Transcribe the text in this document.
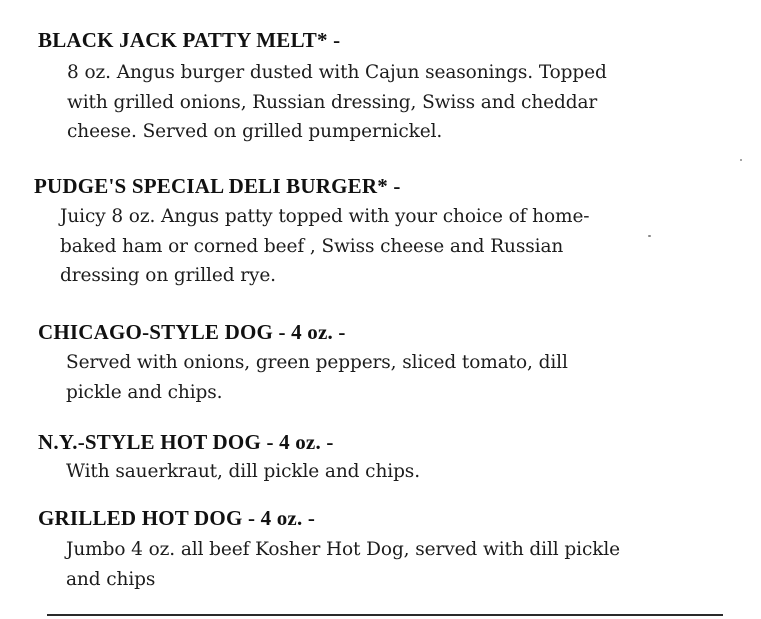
BLACK JACK PATTY MELT* -
8 oz. Angus burger dusted with Cajun seasonings. Topped
with grilled onions, Russian dressing, Swiss and cheddar
cheese. Served on grilled pumpernickel.
PUDGE'S SPECIAL DELI BURGER* -
Juicy 8 oz. Angus patty topped with your choice of home-
baked ham or corned beef , Swiss cheese and Russian
dressing on grilled rye.
CHICAGO-STYLE DOG - 4 oz. -
Served with onions, green peppers, sliced tomato, dill
pickle and chips.
N.Y.-STYLE HOT DOG - 4 oz. -
With sauerkraut, dill pickle and chips.
GRILLED HOT DOG - 4 oz. -
Jumbo 4 oz. all beef Kosher Hot Dog, served with dill pickle
and chips
